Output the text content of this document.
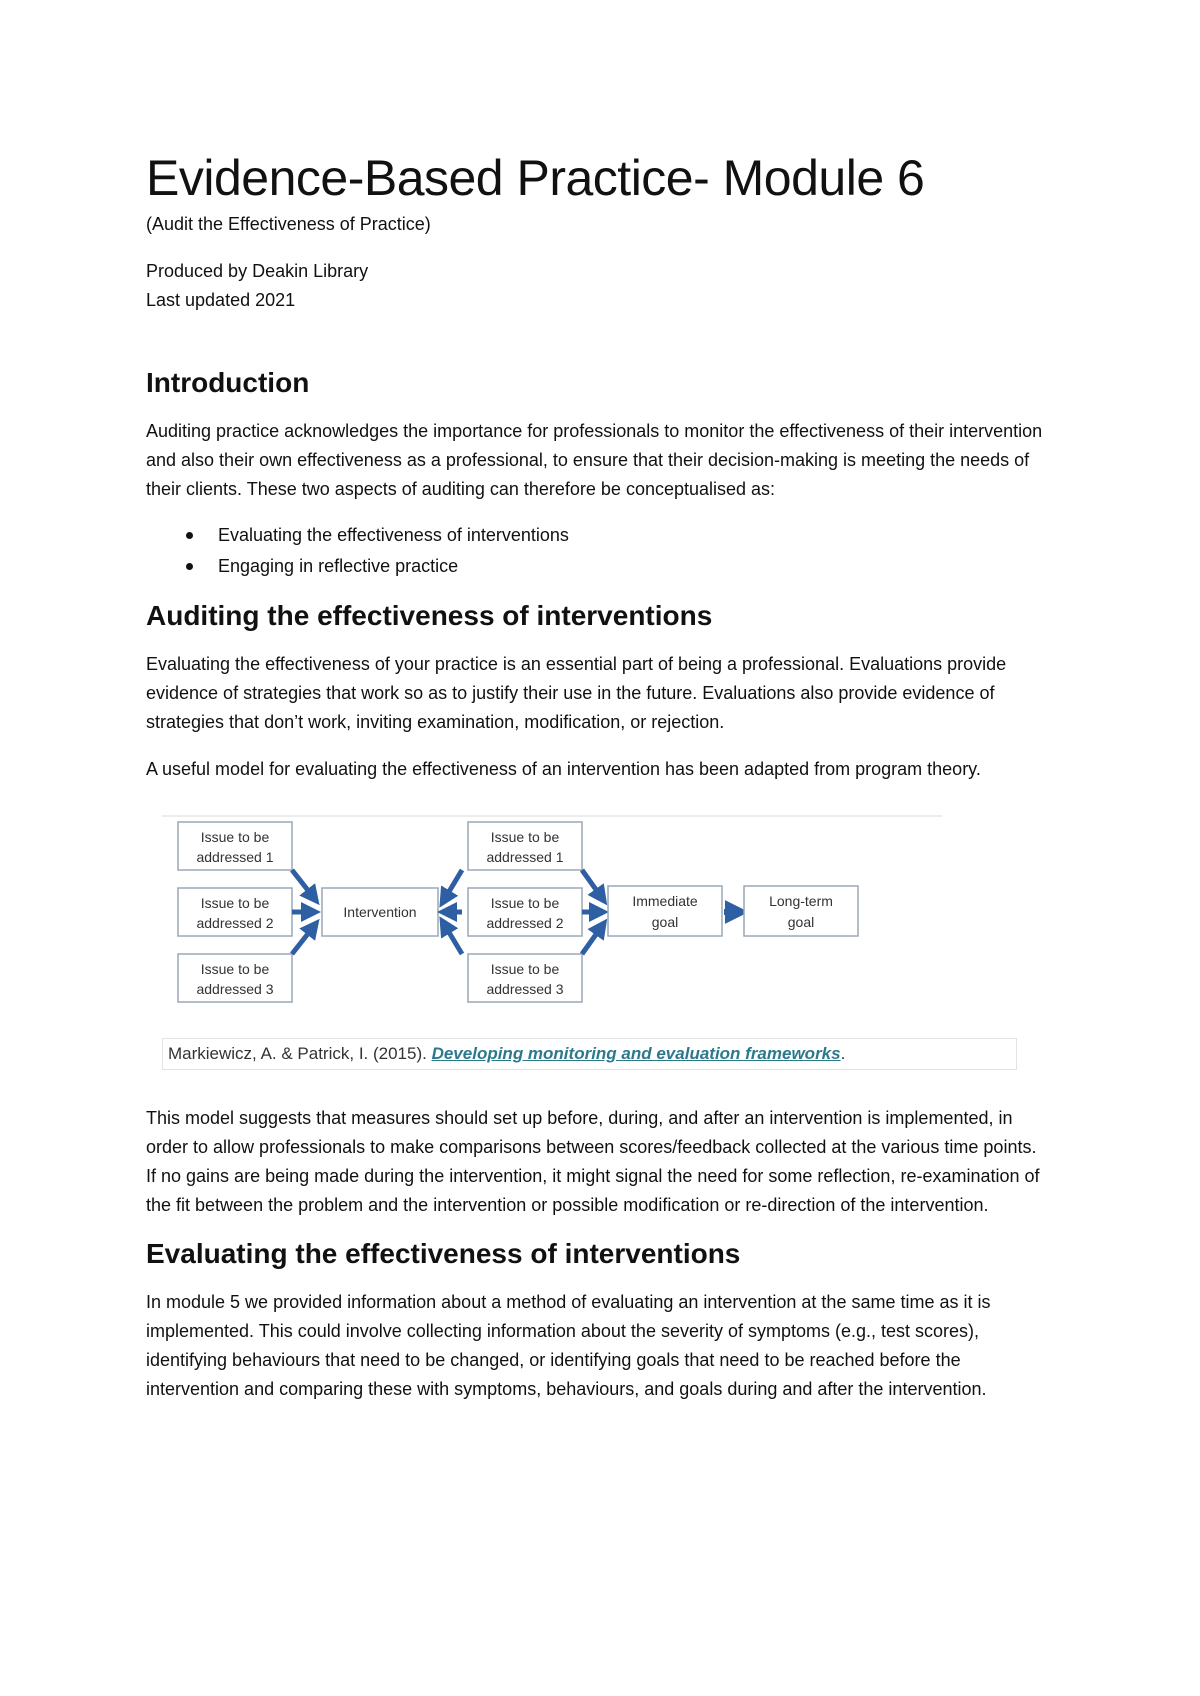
Evidence-Based Practice- Module 6

(Audit the Effectiveness of Practice)

Produced by Deakin Library
Last updated 2021
Introduction

Auditing practice acknowledges the importance for professionals to monitor the effectiveness of their intervention and also their own effectiveness as a professional, to ensure that their decision-making is meeting the needs of their clients. These two aspects of auditing can therefore be conceptualised as:

Evaluating the effectiveness of interventions
Engaging in reflective practice
Auditing the effectiveness of interventions

Evaluating the effectiveness of your practice is an essential part of being a professional. Evaluations provide evidence of strategies that work so as to justify their use in the future. Evaluations also provide evidence of strategies that don’t work, inviting examination, modification, or rejection.

A useful model for evaluating the effectiveness of an intervention has been adapted from program theory.

Issue to be
addressed 1
Issue to be
addressed 2
Issue to be
addressed 3
Intervention
Issue to be
addressed 1
Issue to be
addressed 2
Issue to be
addressed 3
Immediate
goal
Long-term
goal
Markiewicz, A. & Patrick, I. (2015). Developing monitoring and evaluation frameworks.

This model suggests that measures should set up before, during, and after an intervention is implemented, in order to allow professionals to make comparisons between scores/feedback collected at the various time points. If no gains are being made during the intervention, it might signal the need for some reflection, re-examination of the fit between the problem and the intervention or possible modification or re-direction of the intervention.

Evaluating the effectiveness of interventions

In module 5 we provided information about a method of evaluating an intervention at the same time as it is implemented. This could involve collecting information about the severity of symptoms (e.g., test scores), identifying behaviours that need to be changed, or identifying goals that need to be reached before the intervention and comparing these with symptoms, behaviours, and goals during and after the intervention.
